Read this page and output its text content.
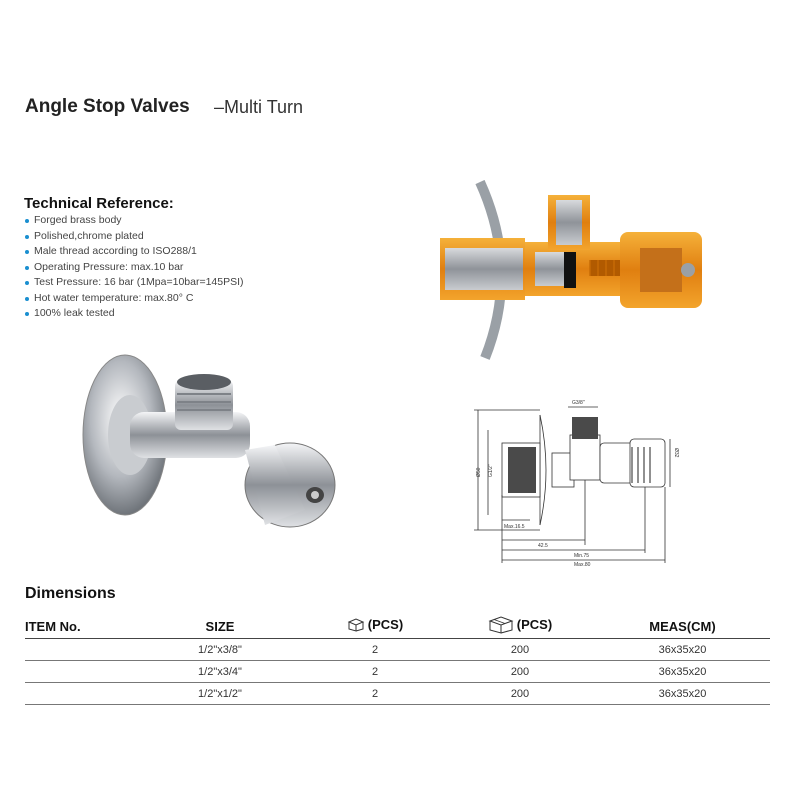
Angle Stop Valves –Multi Turn
Technical Reference:
Forged brass body
Polished,chrome plated
Male thread according to ISO288/1
Operating Pressure: max.10 bar
Test Pressure: 16 bar (1Mpa=10bar=145PSI)
Hot water temperature: max.80° C
100% leak tested
G3/8"
Ø50 G1/2"
Ø32
Max.16.5
42.5
Min.75
Max.80
Dimensions
ITEM No.	SIZE	(PCS)	(PCS)	MEAS(CM)
	1/2"x3/8"	2	200	36x35x20
	1/2"x3/4"	2	200	36x35x20
	1/2"x1/2"	2	200	36x35x20
